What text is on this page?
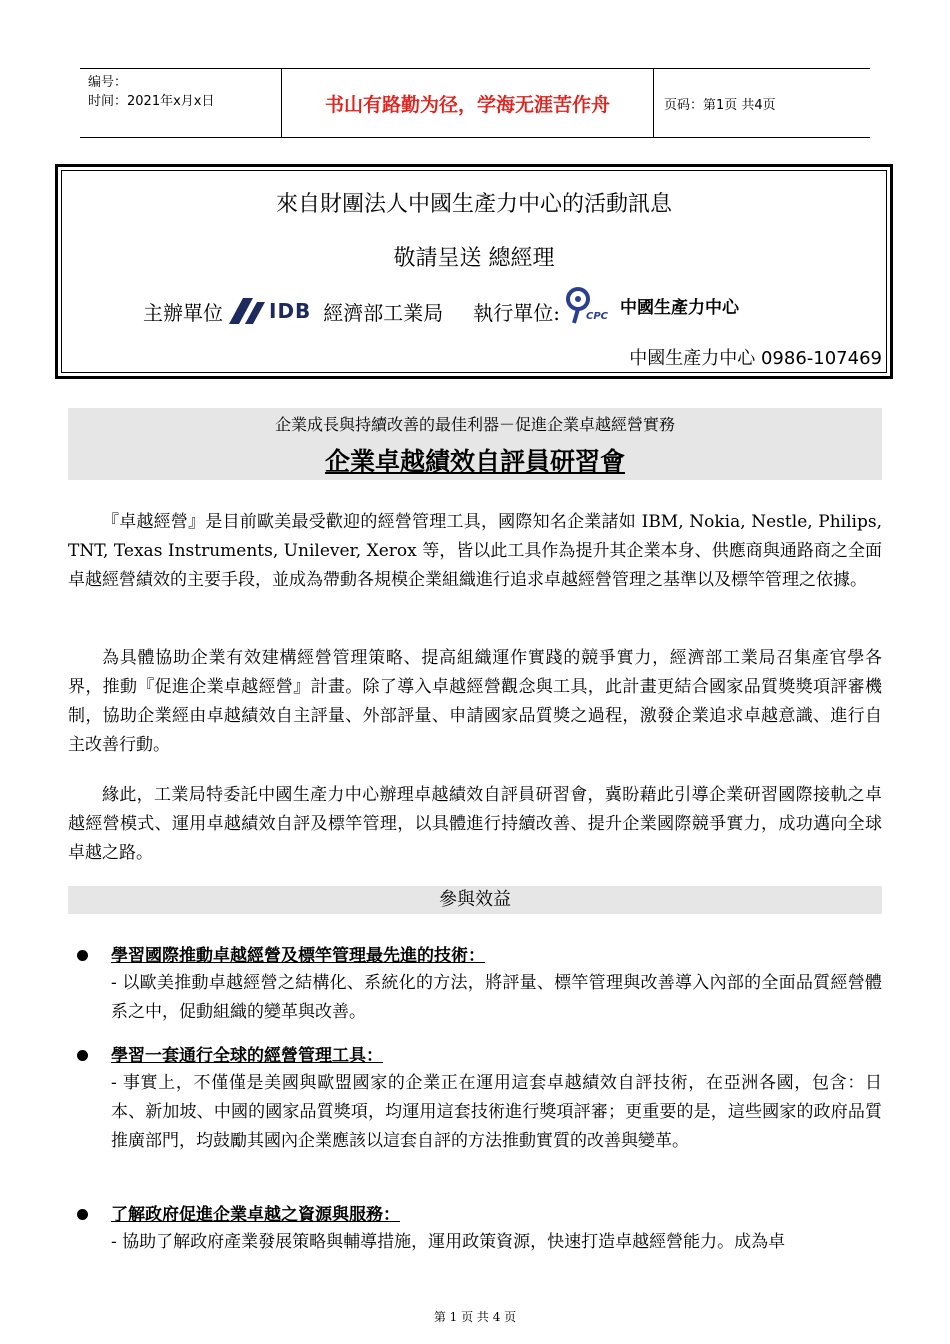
编号：
时间：2021年x月x日	书山有路勤为径，学海无涯苦作舟	页码：第1页 共4页
來自財團法人中國生產力中心的活動訊息
敬請呈送 總經理
主辦單位 IDB 經濟部工業局 執行單位:	CPC 中國生產力中心
中國生產力中心 0986-107469
企業成長與持續改善的最佳利器－促進企業卓越經營實務
企業卓越績效自評員研習會

『卓越經營』是目前歐美最受歡迎的經營管理工具，國際知名企業諸如 IBM, Nokia, Nestle, Philips, TNT, Texas Instruments, Unilever, Xerox 等，皆以此工具作為提升其企業本身、供應商與通路商之全面卓越經營績效的主要手段，並成為帶動各規模企業組織進行追求卓越經營管理之基準以及標竿管理之依據。

為具體協助企業有效建構經營管理策略、提高組織運作實踐的競爭實力，經濟部工業局召集產官學各界，推動『促進企業卓越經營』計畫。除了導入卓越經營觀念與工具，此計畫更結合國家品質獎獎項評審機制，協助企業經由卓越績效自主評量、外部評量、申請國家品質獎之過程，激發企業追求卓越意識、進行自主改善行動。

緣此，工業局特委託中國生產力中心辦理卓越績效自評員研習會，冀盼藉此引導企業研習國際接軌之卓越經營模式、運用卓越績效自評及標竿管理，以具體進行持續改善、提升企業國際競爭實力，成功邁向全球卓越之路。

參與效益
學習國際推動卓越經營及標竿管理最先進的技術：

- 以歐美推動卓越經營之結構化、系統化的方法，將評量、標竿管理與改善導入內部的全面品質經營體系之中，促動組織的變革與改善。

學習一套通行全球的經營管理工具：

- 事實上，不僅僅是美國與歐盟國家的企業正在運用這套卓越績效自評技術，在亞洲各國，包含：日本、新加坡、中國的國家品質獎項，均運用這套技術進行獎項評審；更重要的是，這些國家的政府品質推廣部門，均鼓勵其國內企業應該以這套自評的方法推動實質的改善與變革。

了解政府促進企業卓越之資源與服務：

- 協助了解政府產業發展策略與輔導措施，運用政策資源，快速打造卓越經營能力。成為卓

第 1 页 共 4 页
